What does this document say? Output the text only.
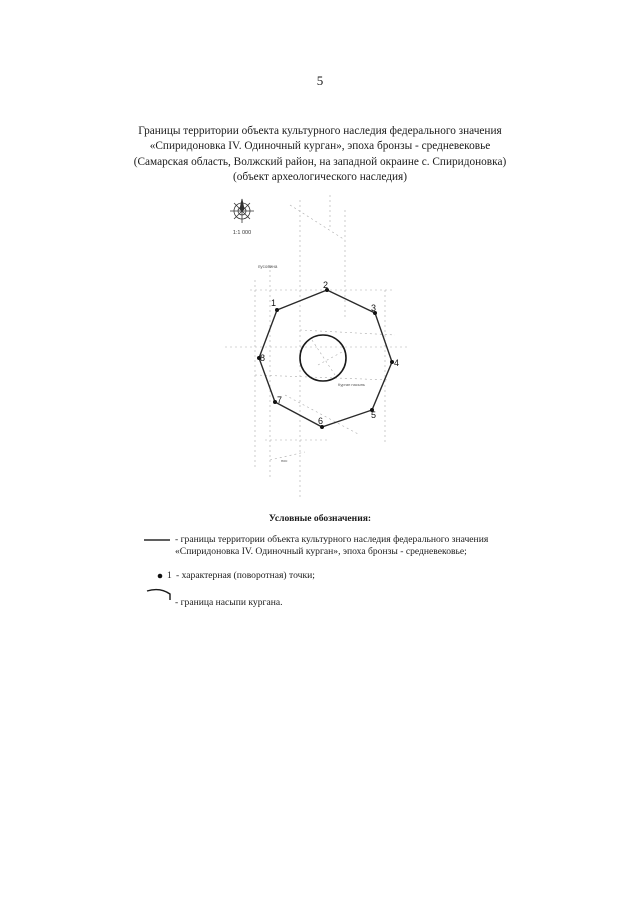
5
Границы территории объекта культурного наследия федерального значения
«Спиридоновка IV. Одиночный курган», эпоха бронзы - средневековье
(Самарская область, Волжский район, на западной окраине с. Спиридоновка)
(объект археологического наследия)
1:1 000
пусовина
Курган насыпь
пос
1
2
3
4
5
6
7
8
Условные обозначения:
- границы территории объекта культурного наследия федерального значения
«Спиридоновка IV. Одиночный курган», эпоха бронзы - средневековье;
1 - характерная (поворотная) точки;
- граница насыпи кургана.
